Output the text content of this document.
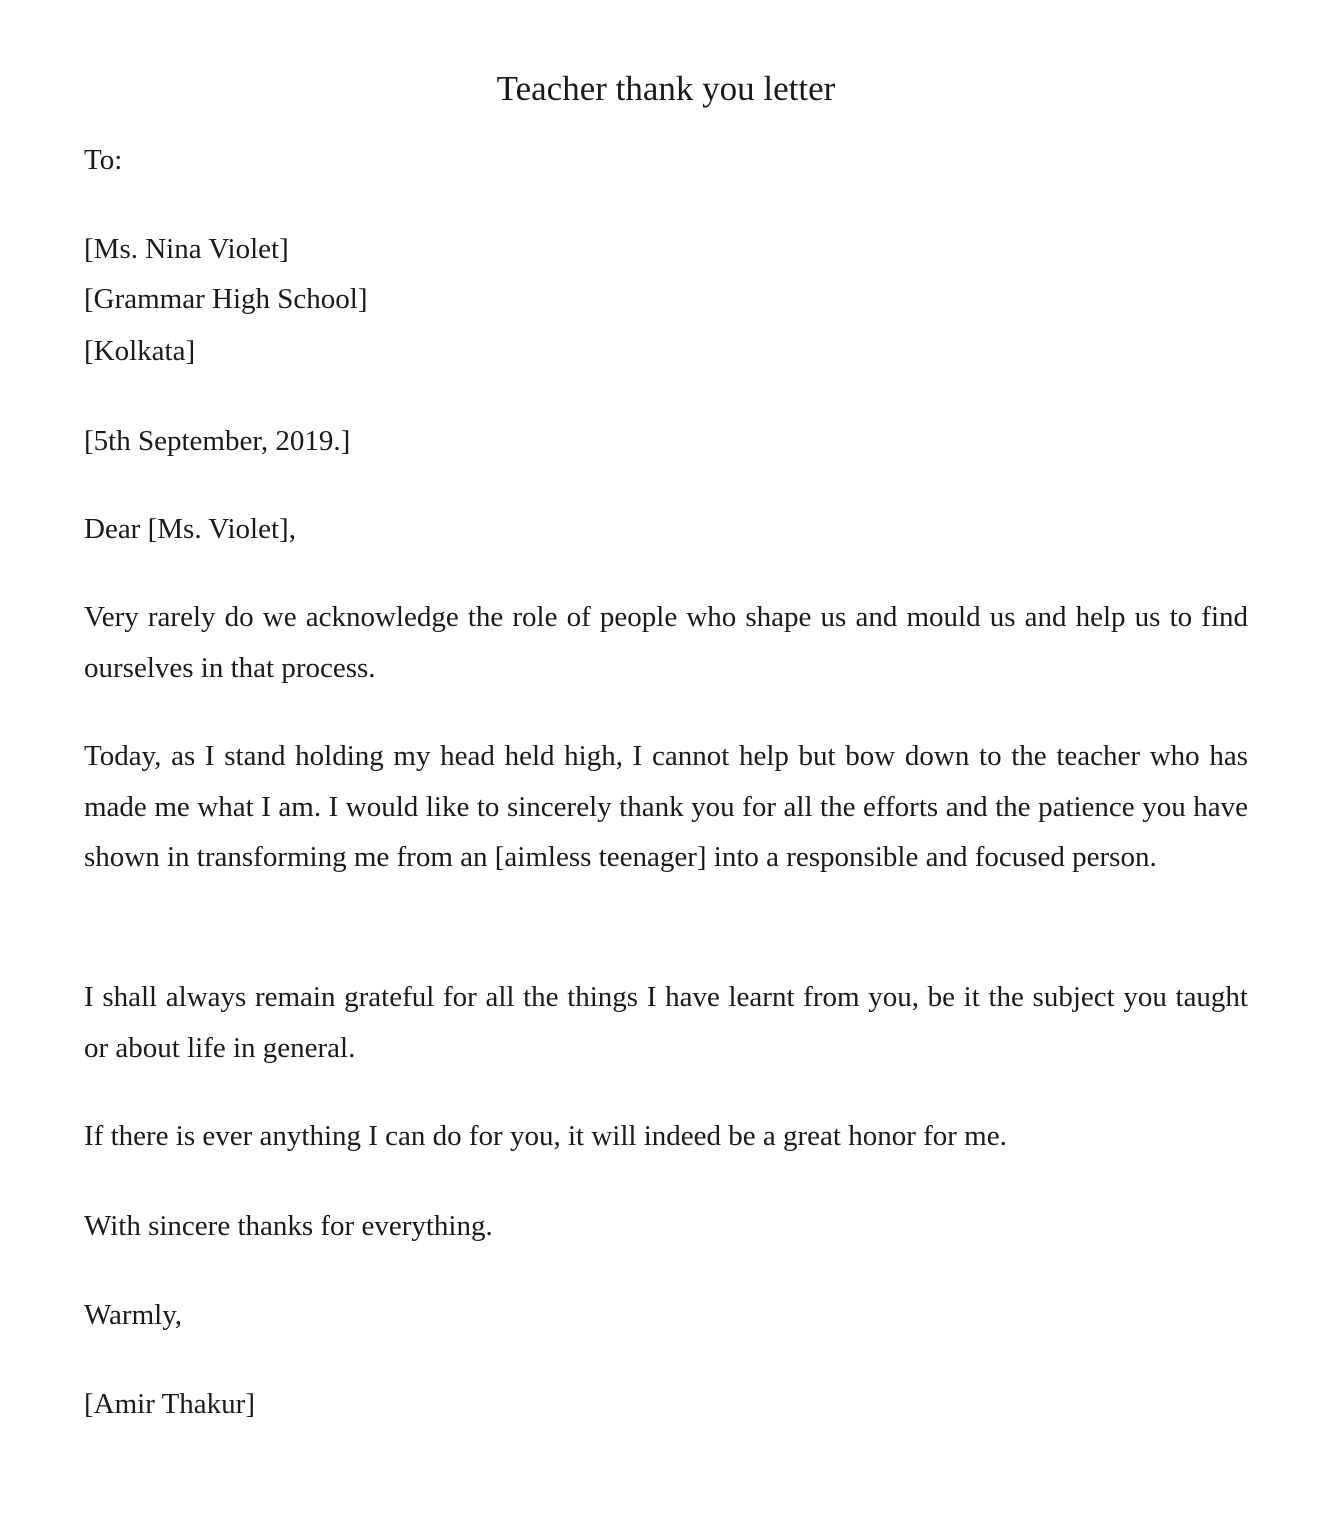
Teacher thank you letter

To:

[Ms. Nina Violet]

[Grammar High School]

[Kolkata]

[5th September, 2019.]

Dear [Ms. Violet],

Very rarely do we acknowledge the role of people who shape us and mould us and help us to find ourselves in that process.

Today, as I stand holding my head held high, I cannot help but bow down to the teacher who has made me what I am. I would like to sincerely thank you for all the efforts and the patience you have shown in transforming me from an [aimless teenager] into a responsible and focused person.

I shall always remain grateful for all the things I have learnt from you, be it the subject you taught or about life in general.

If there is ever anything I can do for you, it will indeed be a great honor for me.

With sincere thanks for everything.

Warmly,

[Amir Thakur]
